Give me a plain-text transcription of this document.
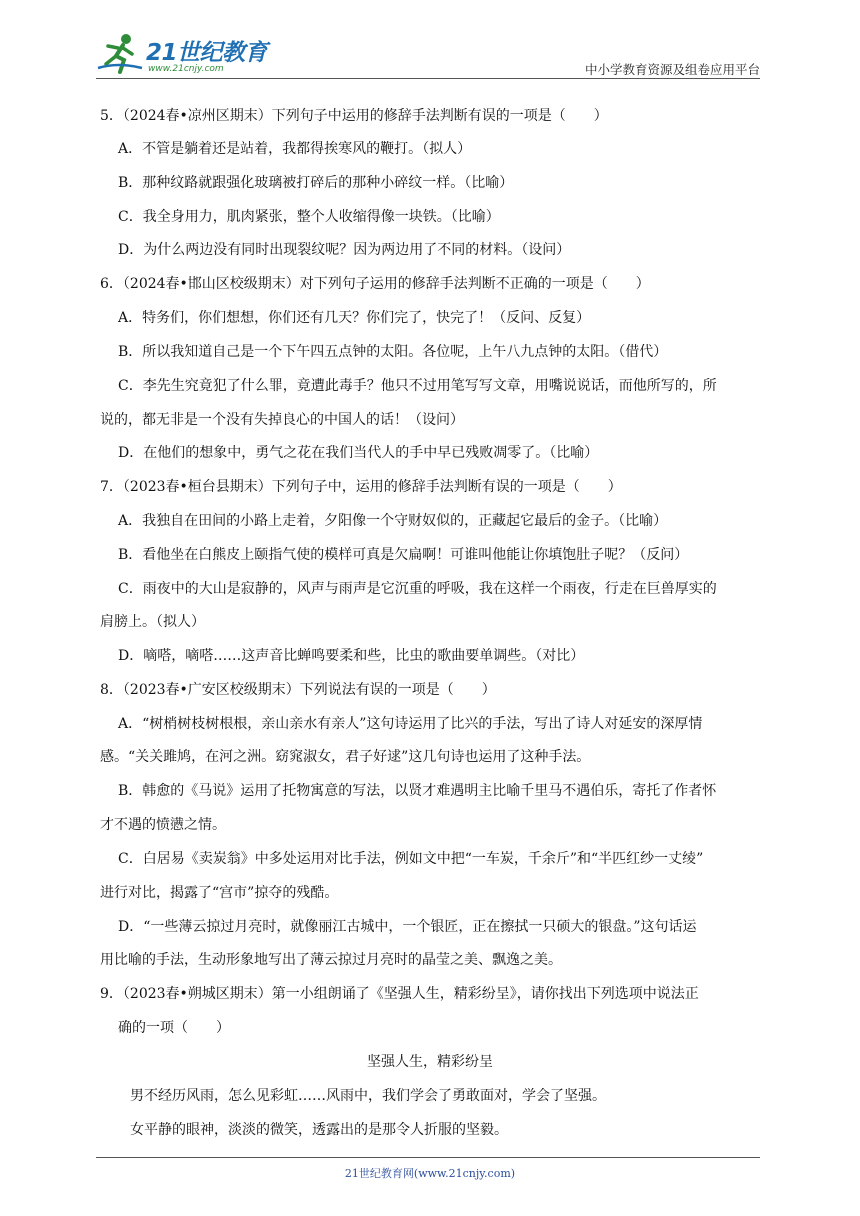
21世纪教育
www.21cnjy.com	中小学教育资源及组卷应用平台
5．（2024春•凉州区期末）下列句子中运用的修辞手法判断有误的一项是（　　）
A．不管是躺着还是站着，我都得挨寒风的鞭打。（拟人）
B．那种纹路就跟强化玻璃被打碎后的那种小碎纹一样。（比喻）
C．我全身用力，肌肉紧张，整个人收缩得像一块铁。（比喻）
D．为什么两边没有同时出现裂纹呢？因为两边用了不同的材料。（设问）
6．（2024春•邯山区校级期末）对下列句子运用的修辞手法判断不正确的一项是（　　）
A．特务们，你们想想，你们还有几天？你们完了，快完了！（反问、反复）
B．所以我知道自己是一个下午四五点钟的太阳。各位呢，上午八九点钟的太阳。（借代）
C．李先生究竟犯了什么罪，竟遭此毒手？他只不过用笔写写文章，用嘴说说话，而他所写的，所
说的，都无非是一个没有失掉良心的中国人的话！（设问）
D．在他们的想象中，勇气之花在我们当代人的手中早已残败凋零了。（比喻）
7．（2023春•桓台县期末）下列句子中，运用的修辞手法判断有误的一项是（　　）
A．我独自在田间的小路上走着，夕阳像一个守财奴似的，正藏起它最后的金子。（比喻）
B．看他坐在白熊皮上颐指气使的模样可真是欠扁啊！可谁叫他能让你填饱肚子呢？（反问）
C．雨夜中的大山是寂静的，风声与雨声是它沉重的呼吸，我在这样一个雨夜，行走在巨兽厚实的
肩膀上。（拟人）
D．嘀嗒，嘀嗒……这声音比蝉鸣要柔和些，比虫的歌曲要单调些。（对比）
8．（2023春•广安区校级期末）下列说法有误的一项是（　　）
A．“树梢树枝树根根，亲山亲水有亲人”这句诗运用了比兴的手法，写出了诗人对延安的深厚情
感。“关关雎鸠，在河之洲。窈窕淑女，君子好逑”这几句诗也运用了这种手法。
B．韩愈的《马说》运用了托物寓意的写法，以贤才难遇明主比喻千里马不遇伯乐，寄托了作者怀
才不遇的愤懑之情。
C．白居易《卖炭翁》中多处运用对比手法，例如文中把“一车炭，千余斤”和“半匹红纱一丈绫”
进行对比，揭露了“宫市”掠夺的残酷。
D．“一些薄云掠过月亮时，就像丽江古城中，一个银匠，正在擦拭一只硕大的银盘。”这句话运
用比喻的手法，生动形象地写出了薄云掠过月亮时的晶莹之美、飘逸之美。
9．（2023春•朔城区期末）第一小组朗诵了《坚强人生，精彩纷呈》，请你找出下列选项中说法正
确的一项（　　）
坚强人生，精彩纷呈
男不经历风雨，怎么见彩虹……风雨中，我们学会了勇敢面对，学会了坚强。
女平静的眼神，淡淡的微笑，透露出的是那令人折服的坚毅。
21世纪教育网(www.21cnjy.com)
